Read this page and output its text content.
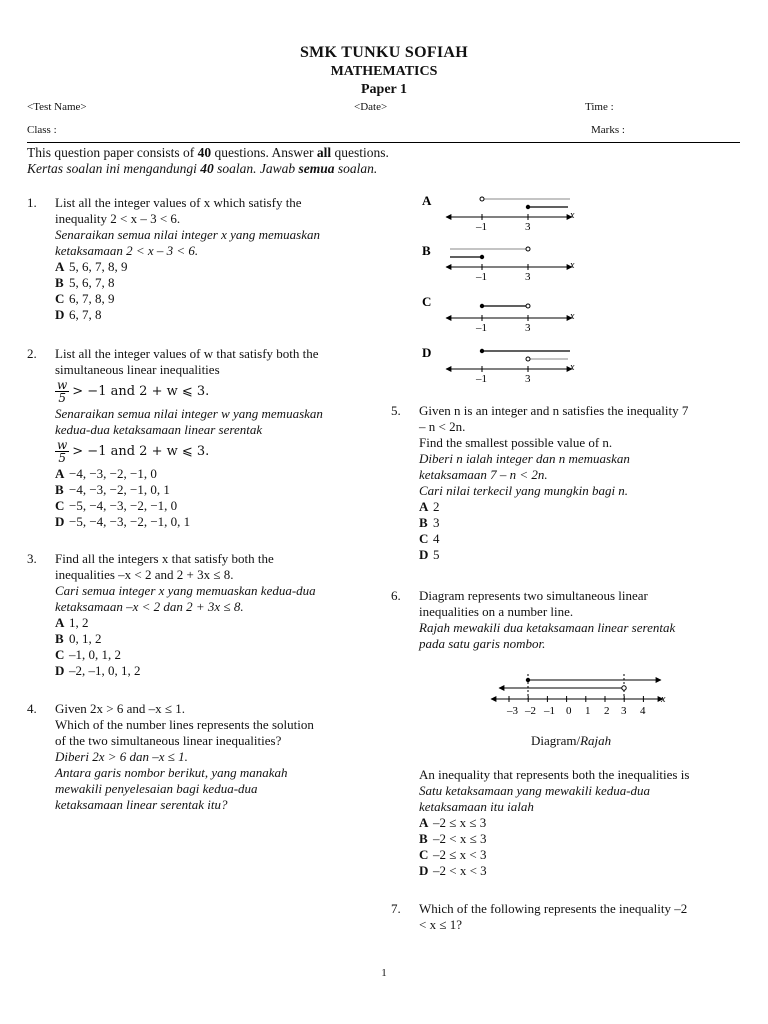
SMK TUNKU SOFIAH
MATHEMATICS
Paper 1
<Test Name>	<Date>	Time :
Class :	Marks :
This question paper consists of 40 questions. Answer all questions.
Kertas soalan ini mengandungi 40 soalan. Jawab semua soalan.
1. List all the integer values of x which satisfy the
inequality 2 < x – 3 < 6.
Senaraikan semua nilai integer x yang memuaskan
ketaksamaan 2 < x – 3 < 6.
A 5, 6, 7, 8, 9
B 5, 6, 7, 8
C 6, 7, 8, 9
D 6, 7, 8
2. List all the integer values of w that satisfy both the
simultaneous linear inequalities
$\frac{w}{5} > -1$ and 2 + w ⩽ 3.
Senaraikan semua nilai integer w yang memuaskan
kedua-dua ketaksamaan linear serentak
$\frac{w}{5} > -1$ and 2 + w ⩽ 3.
A −4, −3, −2, −1, 0
B −4, −3, −2, −1, 0, 1
C −5, −4, −3, −2, −1, 0
D −5, −4, −3, −2, −1, 0, 1
3. Find all the integers x that satisfy both the
inequalities –x < 2 and 2 + 3x ≤ 8.
Cari semua integer x yang memuaskan kedua-dua
ketaksamaan –x < 2 dan 2 + 3x ≤ 8.
A 1, 2
B 0, 1, 2
C –1, 0, 1, 2
D –2, –1, 0, 1, 2
4. Given 2x > 6 and –x ≤ 1.
Which of the number lines represents the solution
of the two simultaneous linear inequalities?
Diberi 2x > 6 dan –x ≤ 1.
Antara garis nombor berikut, yang manakah
mewakili penyelesaian bagi kedua-dua
ketaksamaan linear serentak itu?
A
–1	3
x
B
–1	3
x
C
–1	3
x
D
–1	3
x
5. Given n is an integer and n satisfies the inequality 7
– n < 2n.
Find the smallest possible value of n.
Diberi n ialah integer dan n memuaskan
ketaksamaan 7 – n < 2n.
Cari nilai terkecil yang mungkin bagi n.
A 2
B 3
C 4
D 5
6. Diagram represents two simultaneous linear
inequalities on a number line.
Rajah mewakili dua ketaksamaan linear serentak
pada satu garis nombor.
–3 –2 –1 0 1 2 3 4
x
Diagram/Rajah
An inequality that represents both the inequalities is
Satu ketaksamaan yang mewakili kedua-dua
ketaksamaan itu ialah
A –2 ≤ x ≤ 3
B –2 < x ≤ 3
C –2 ≤ x < 3
D –2 < x < 3
7. Which of the following represents the inequality –2
< x ≤ 1?
1
